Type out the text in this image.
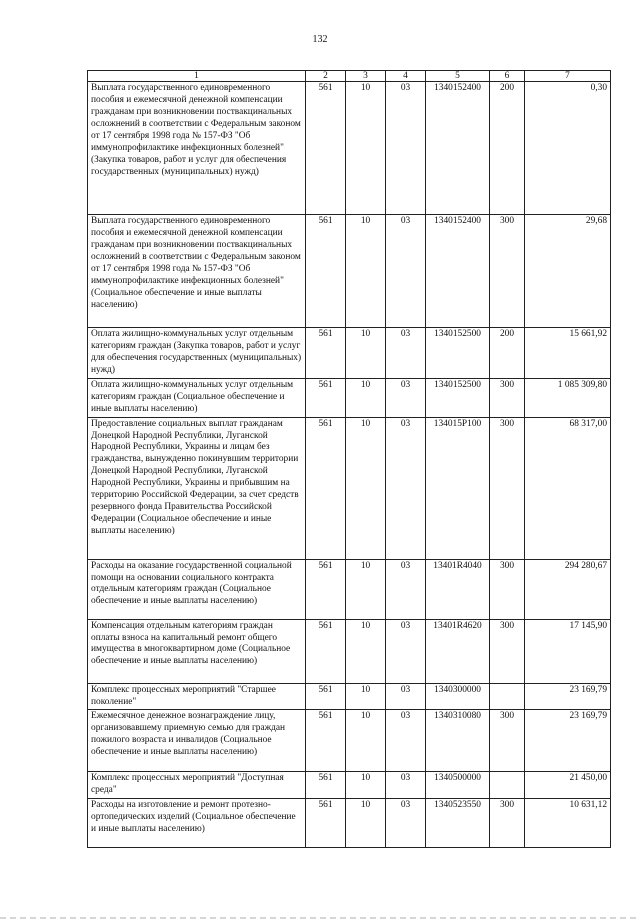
132
1	2	3	4	5	6	7
Выплата государственного единовременного пособия и ежемесячной денежной компенсации гражданам при возникновении поствакцинальных осложнений в соответствии с Федеральным законом от 17 сентября 1998 года № 157-ФЗ "Об иммунопрофилактике инфекционных болезней" (Закупка товаров, работ и услуг для обеспечения государственных (муниципальных) нужд)	561	10	03	1340152400	200	0,30
Выплата государственного единовременного пособия и ежемесячной денежной компенсации гражданам при возникновении поствакцинальных осложнений в соответствии с Федеральным законом от 17 сентября 1998 года № 157-ФЗ "Об иммунопрофилактике инфекционных болезней" (Социальное обеспечение и иные выплаты населению)	561	10	03	1340152400	300	29,68
Оплата жилищно-коммунальных услуг отдельным категориям граждан (Закупка товаров, работ и услуг для обеспечения государственных (муниципальных) нужд)	561	10	03	1340152500	200	15 661,92
Оплата жилищно-коммунальных услуг отдельным категориям граждан (Социальное обеспечение и иные выплаты населению)	561	10	03	1340152500	300	1 085 309,80
Предоставление социальных выплат гражданам Донецкой Народной Республики, Луганской Народной Республики, Украины и лицам без гражданства, вынужденно покинувшим территории Донецкой Народной Республики, Луганской Народной Республики, Украины и прибывшим на территорию Российской Федерации, за счет средств резервного фонда Правительства Российской Федерации (Социальное обеспечение и иные выплаты населению)	561	10	03	134015Р100	300	68 317,00
Расходы на оказание государственной социальной помощи на основании социального контракта отдельным категориям граждан (Социальное обеспечение и иные выплаты населению)	561	10	03	13401R4040	300	294 280,67
Компенсация отдельным категориям граждан оплаты взноса на капитальный ремонт общего имущества в многоквартирном доме (Социальное обеспечение и иные выплаты населению)	561	10	03	13401R4620	300	17 145,90
Комплекс процессных мероприятий "Старшее поколение"	561	10	03	1340300000		23 169,79
Ежемесячное денежное вознаграждение лицу, организовавшему приемную семью для граждан пожилого возраста и инвалидов (Социальное обеспечение и иные выплаты населению)	561	10	03	1340310080	300	23 169,79
Комплекс процессных мероприятий "Доступная среда"	561	10	03	1340500000		21 450,00
Расходы на изготовление и ремонт протезно-ортопедических изделий (Социальное обеспечение и иные выплаты населению)	561	10	03	1340523550	300	10 631,12
